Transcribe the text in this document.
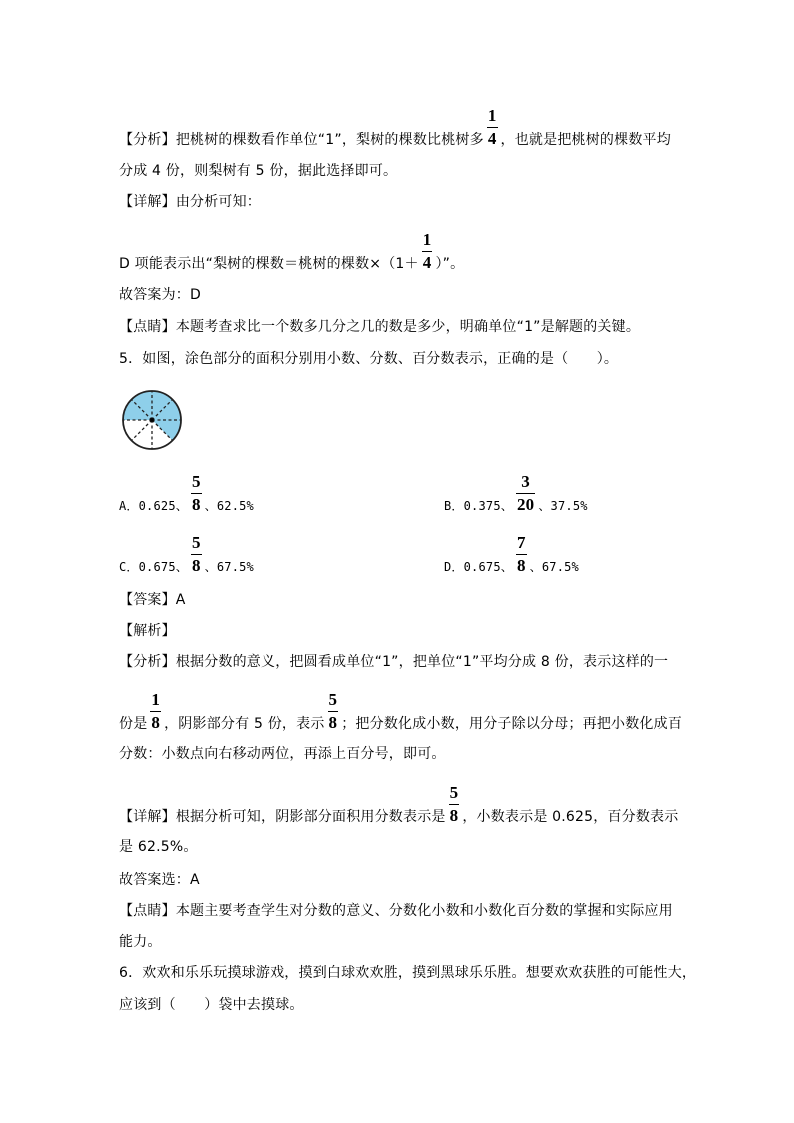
【分析】把桃树的棵数看作单位“1”，梨树的棵数比桃树多 $\frac{1}{4}$ ，也就是把桃树的棵数平均
分成 4 份，则梨树有 5 份，据此选择即可。
【详解】由分析可知：
D 项能表示出“梨树的棵数＝桃树的棵数$\times(1+ \frac{1}{4}$ ）”。
故答案为：D
【点睛】本题考查求比一个数多几分之几的数是多少，明确单位“1”是解题的关键。
5．如图，涂色部分的面积分别用小数、分数、百分数表示，正确的是（　　）。
A．0.625、 $\frac{5}{8}$ 、62.5%	B．0.375、 $\frac{3}{20}$ 、37.5%
C．0.675、 $\frac{5}{8}$ 、67.5%	D．0.675、 $\frac{7}{8}$ 、67.5%
【答案】A
【解析】
【分析】根据分数的意义，把圆看成单位“1”，把单位“1”平均分成 8 份，表示这样的一
份是 $\frac{1}{8}$ ，阴影部分有 5 份，表示 $\frac{5}{8}$ ；把分数化成小数，用分子除以分母；再把小数化成百
分数：小数点向右移动两位，再添上百分号，即可。
【详解】根据分析可知，阴影部分面积用分数表示是 $\frac{5}{8}$ ，小数表示是 0.625，百分数表示
是 62.5%。
故答案选：A
【点睛】本题主要考查学生对分数的意义、分数化小数和小数化百分数的掌握和实际应用
能力。
6．欢欢和乐乐玩摸球游戏，摸到白球欢欢胜，摸到黑球乐乐胜。想要欢欢获胜的可能性大，
应该到（　　）袋中去摸球。
